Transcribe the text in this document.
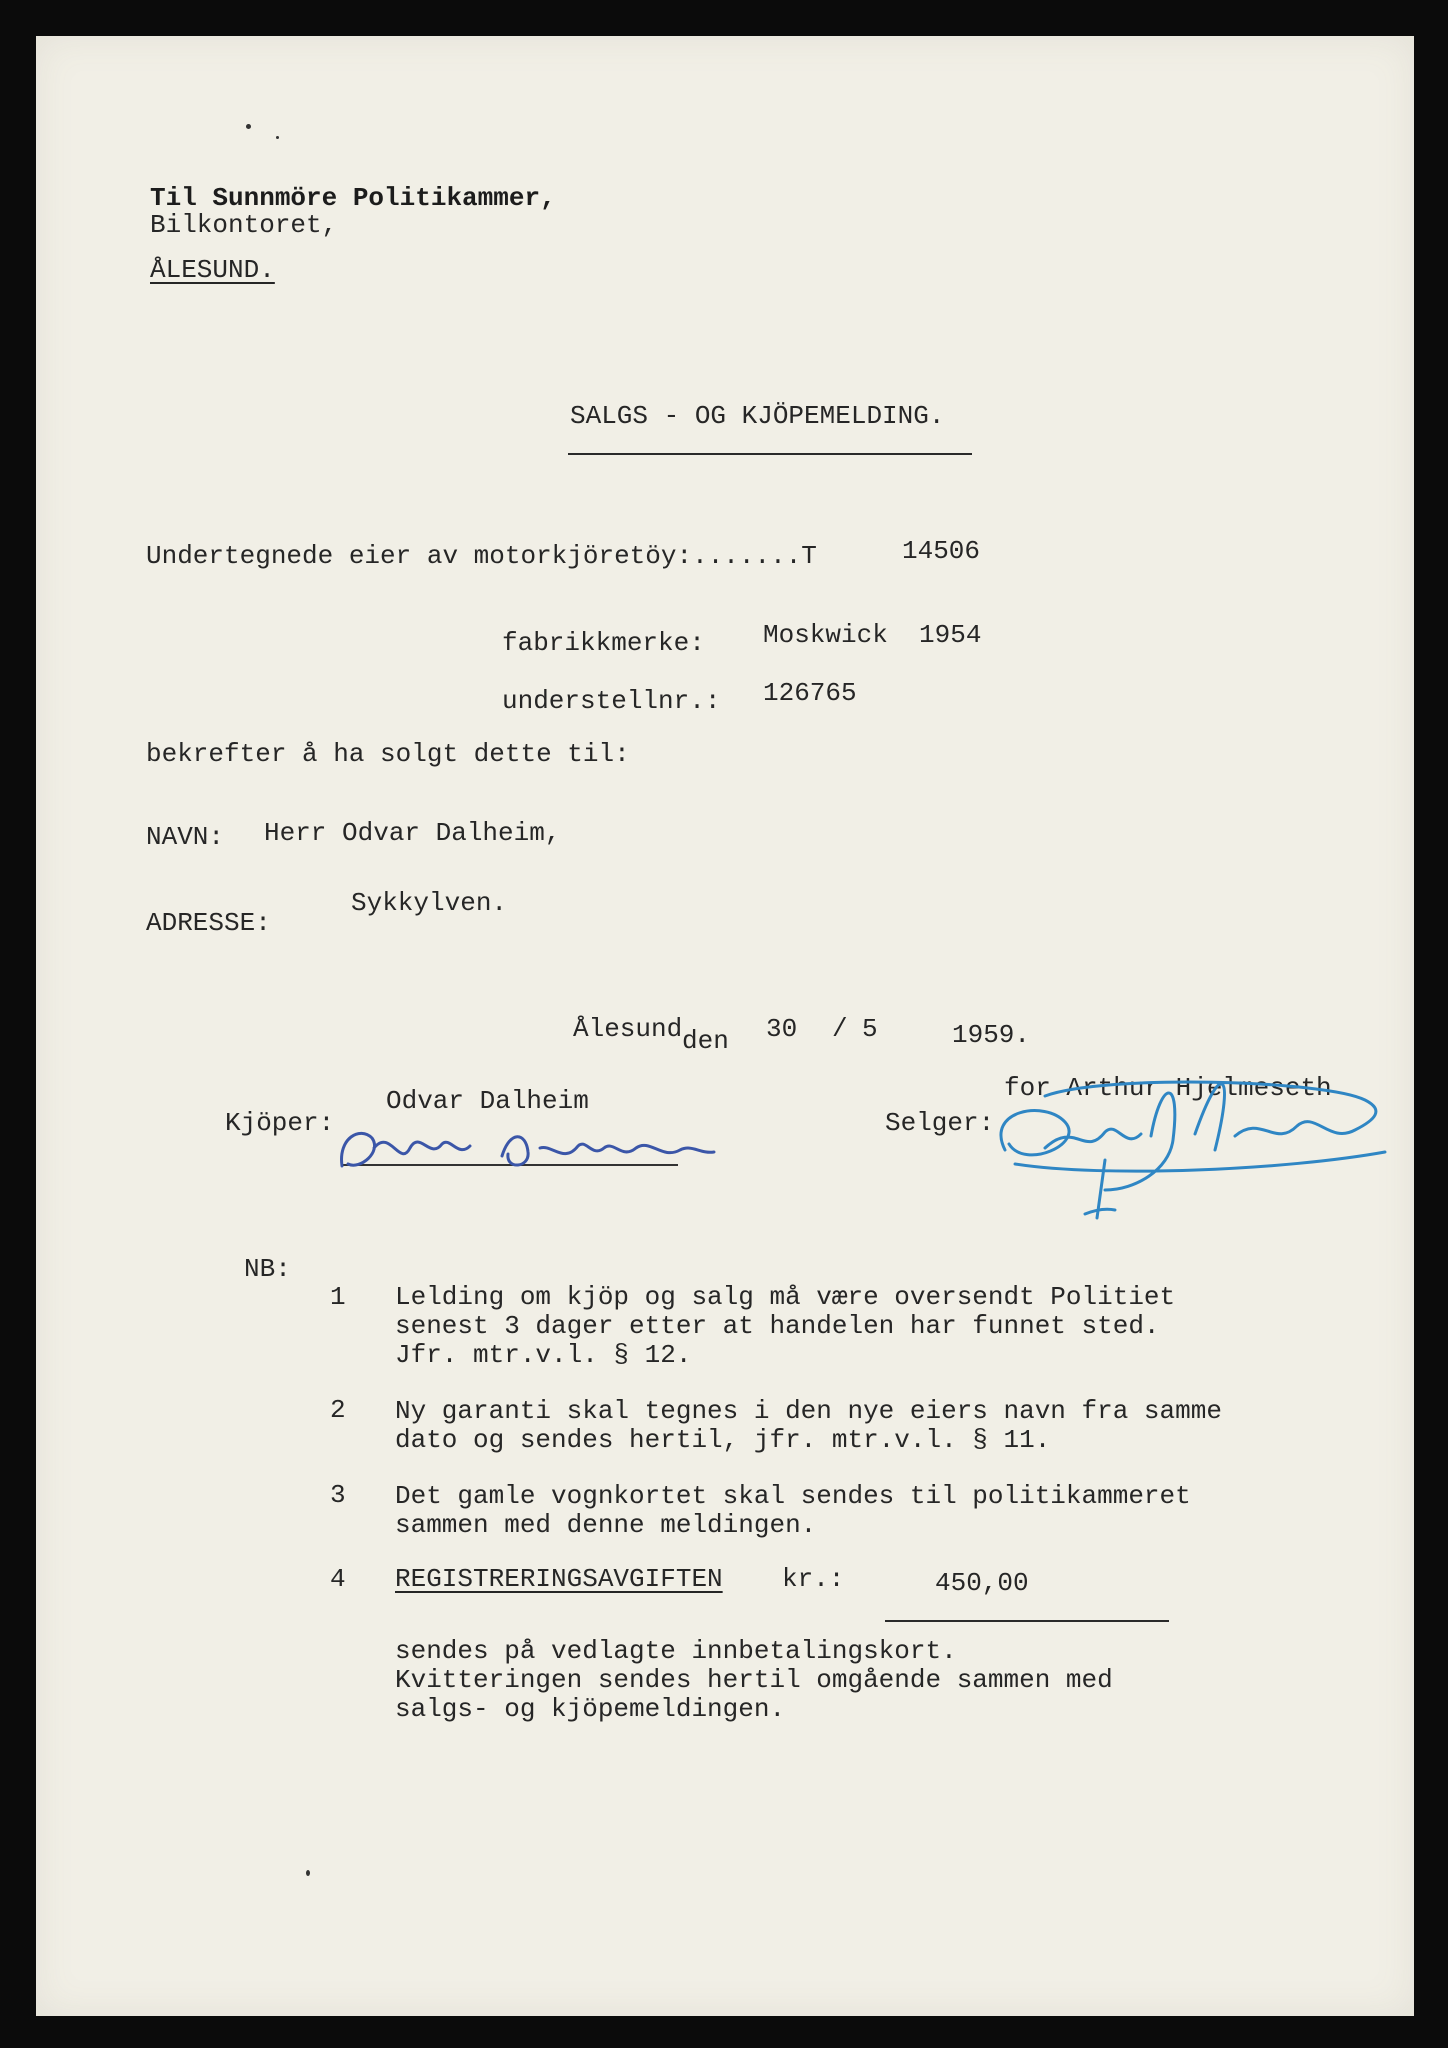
Til Sunnmöre Politikammer,
Bilkontoret,
ÅLESUND.
SALGS - OG KJÖPEMELDING.
Undertegnede eier av motorkjöretöy:.......T	14506
fabrikkmerke: Moskwick  1954
understellnr.: 126765
bekrefter å ha solgt dette til:
NAVN: Herr Odvar Dalheim,
ADRESSE:
Sykkylven.
Ålesund den 30 / 5	1959.
Odvar Dalheim
Kjöper:
for Arthur Hjelmeseth
Selger:
NB:
1 Lelding om kjöp og salg må være oversendt Politiet
senest 3 dager etter at handelen har funnet sted.
Jfr. mtr.v.l. § 12.
2 Ny garanti skal tegnes i den nye eiers navn fra samme
dato og sendes hertil, jfr. mtr.v.l. § 11.
3 Det gamle vognkortet skal sendes til politikammeret
sammen med denne meldingen.
4 REGISTRERINGSAVGIFTEN kr.:	450,00
sendes på vedlagte innbetalingskort.
Kvitteringen sendes hertil omgående sammen med
salgs- og kjöpemeldingen.
